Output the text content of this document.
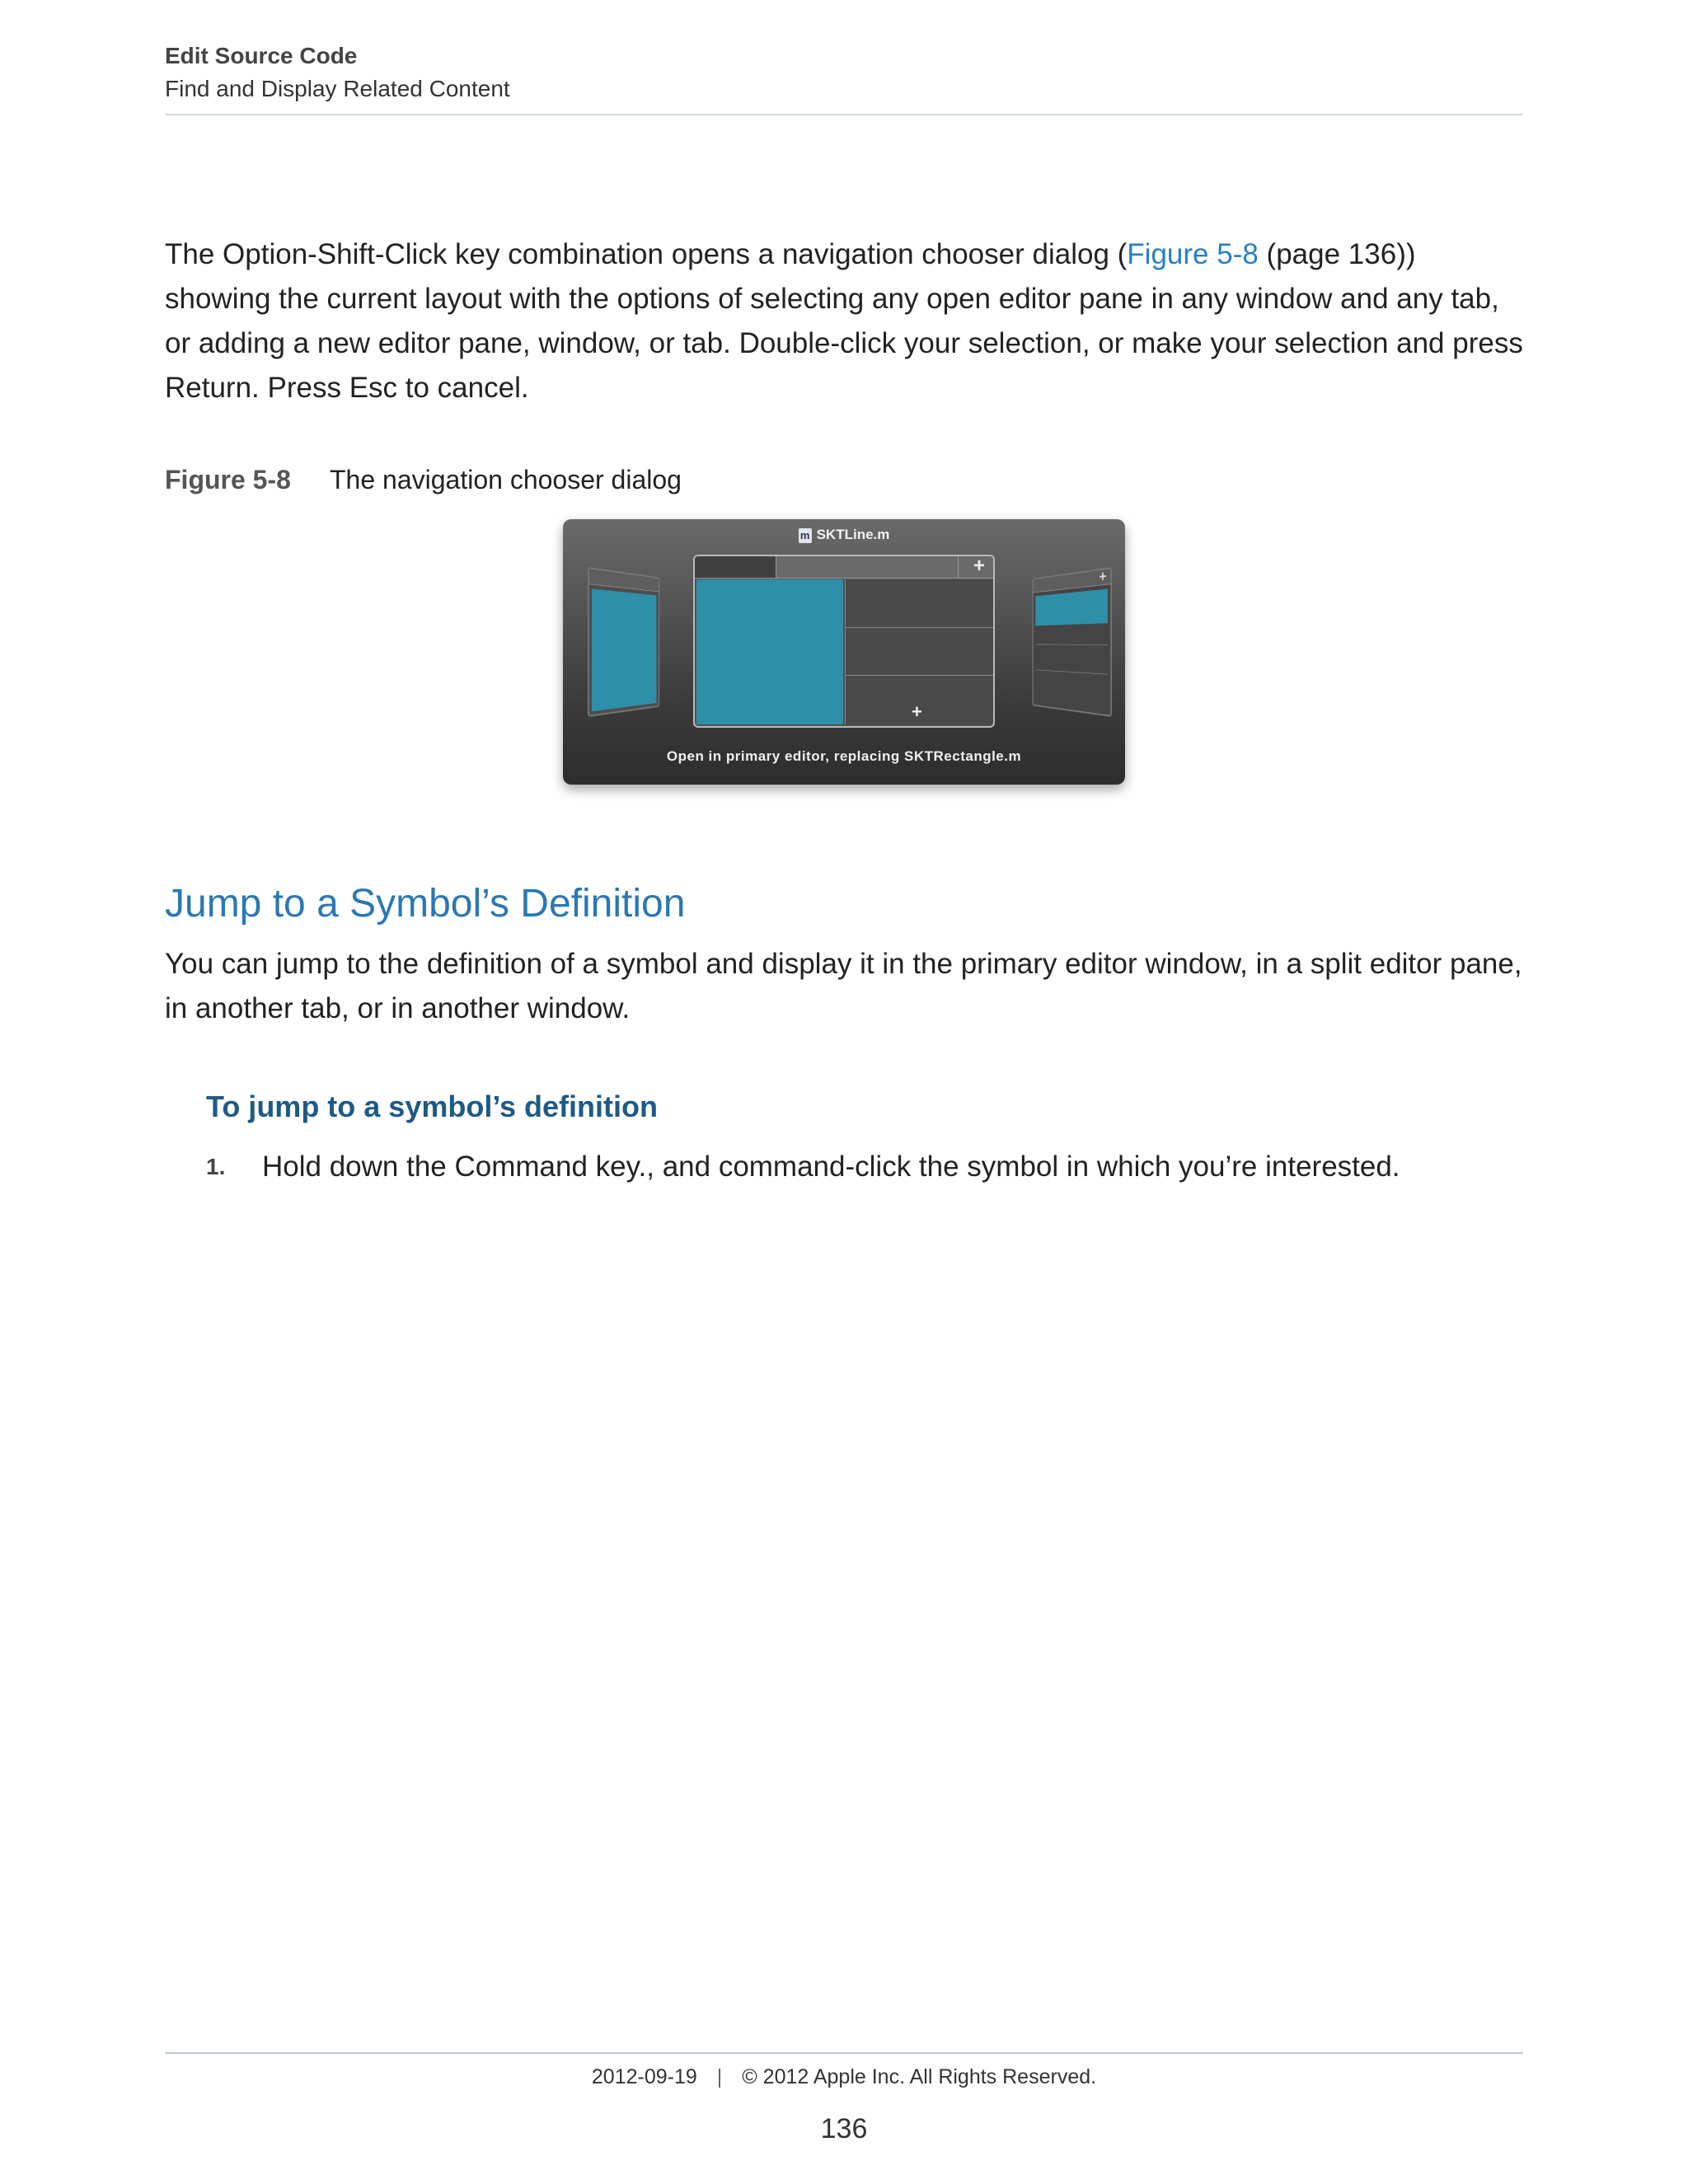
Edit Source Code
Find and Display Related Content
The Option-Shift-Click key combination opens a navigation chooser dialog (Figure 5-8 (page 136)) showing the current layout with the options of selecting any open editor pane in any window and any tab, or adding a new editor pane, window, or tab. Double-click your selection, or make your selection and press Return. Press Esc to cancel.
Figure 5-8 The navigation chooser dialog
m SKTLine.m
+
+
+
Open in primary editor, replacing SKTRectangle.m
Jump to a Symbol’s Definition
You can jump to the definition of a symbol and display it in the primary editor window, in a split editor pane, in another tab, or in another window.
To jump to a symbol’s definition
1. Hold down the Command key., and command-click the symbol in which you’re interested.
2012-09-19 | © 2012 Apple Inc. All Rights Reserved.
136
